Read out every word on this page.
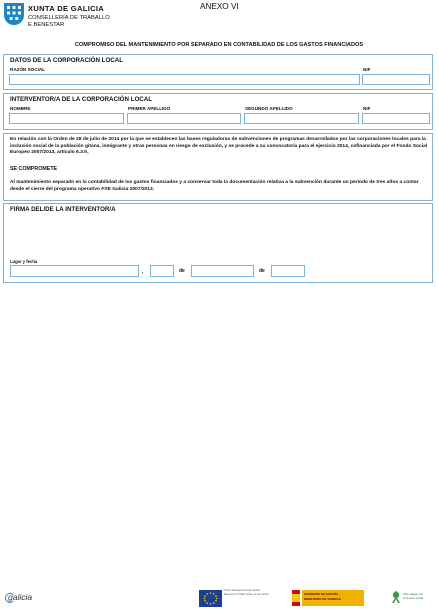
XUNTA DE GALICIA
CONSELLERÍA DE TRABALLO
E BENESTAR
ANEXO VI
COMPROMISO DEL MANTENIMIENTO POR SEPARADO EN CONTABILIDAD DE LOS GASTOS FINANCIADOS
DATOS DE LA CORPORACIÓN LOCAL
RAZÓN SOCIAL	NIF
INTERVENTOR/A DE LA CORPORACIÓN LOCAL
NOMBRE	PRIMER APELLIDO	SEGUNDO APELLIDO	NIF
En relación con la Orden de 28 de julio de 2014 por la que se establecen las bases reguladoras de subvenciones de programas desarrollados por las corporaciones locales para la inclusión social de la población gitana, inmigrante y otras personas en riesgo de exclusión, y se procede a su convocatoria para el ejercicio 2014, cofinanciada por el Fondo Social Europeo 2007/2013, artículo 6.3.h,
SE COMPROMETE
Al mantenimiento separado en la contabilidad de los gastos financiados y a conservar toda la documentación relativa a la subvención durante un período de tres años a contar desde el cierre del programa operativo FSE Galicia 2007/2013.
FIRMA DEL/DE LA INTERVENTOR/A
Lugar y fecha
,	de	de
galicia
Unión Europea Fondo Social Europeo O FSE inviste no teu futuro	GOBIERNO DE ESPAÑA
MINISTERIO DE SANIDAD
Plan galego de
inclusión social
